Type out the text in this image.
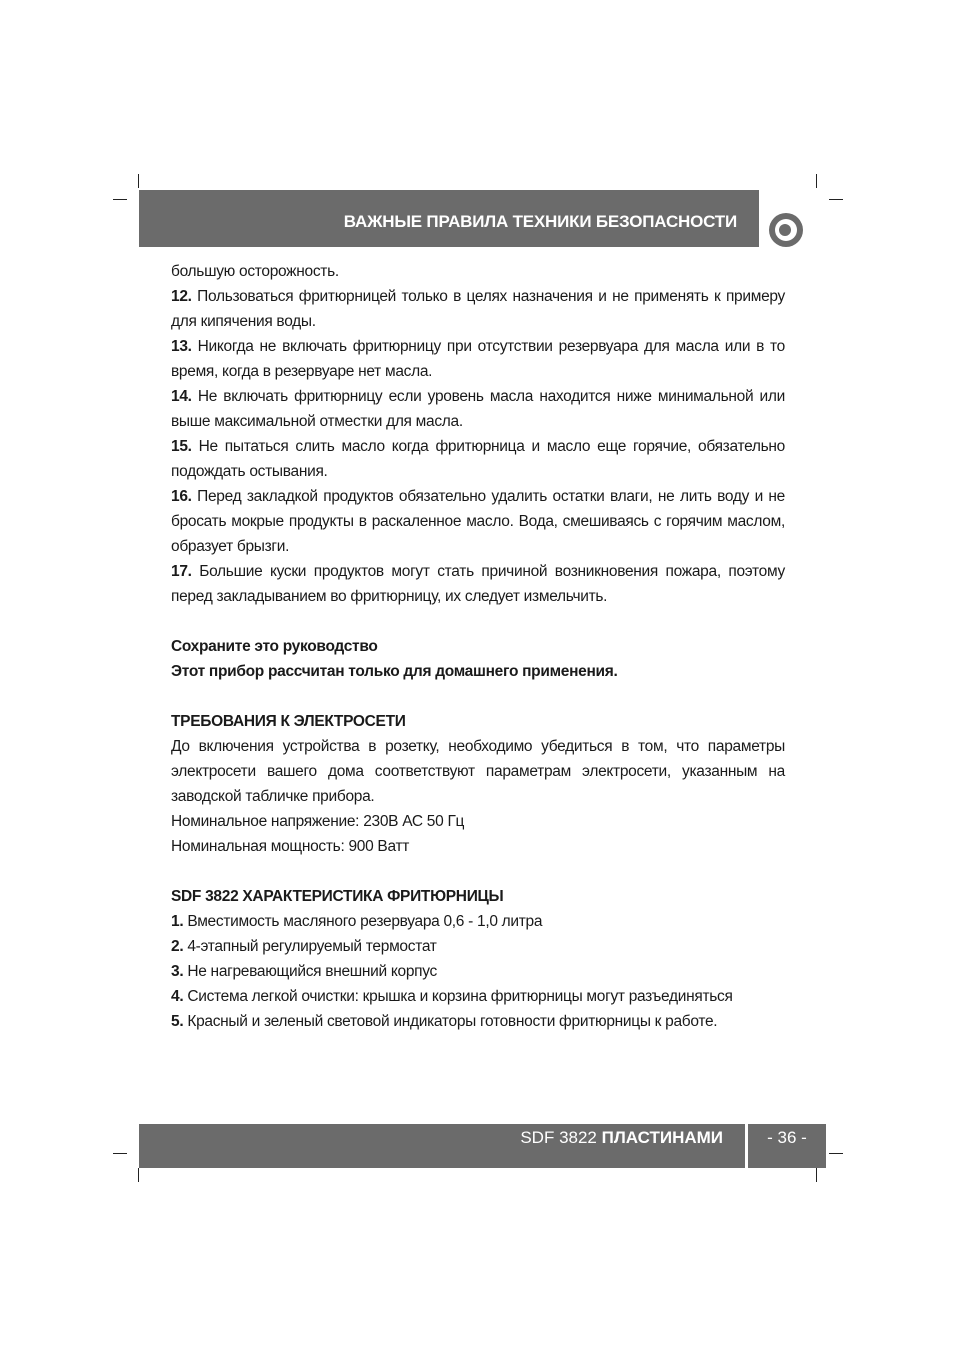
ВАЖНЫЕ ПРАВИЛА ТЕХНИКИ БЕЗОПАСНОСТИ

большую осторожность.

12. Пользоваться фритюрницей только в целях назначения и не применять к примеру для кипячения воды.

13. Никогда не включать фритюрницу при отсутствии резервуара для масла или в то время, когда в резервуаре нет масла.

14. Не включать фритюрницу если уровень масла находится ниже минимальной или выше максимальной отместки для масла.

15. Не пытаться слить масло когда фритюрница и масло еще горячие, обязательно подождать остывания.

16. Перед закладкой продуктов обязательно удалить остатки влаги, не лить воду и не бросать мокрые продукты в раскаленное масло. Вода, смешиваясь с горячим маслом, образует брызги.

17. Большие куски продуктов могут стать причиной возникновения пожара, поэтому перед закладыванием во фритюрницу, их следует измельчить.

Сохраните это руководство

Этот прибор рассчитан только для домашнего применения.

ТРЕБОВАНИЯ К ЭЛЕКТРОСЕТИ

До включения устройства в розетку, необходимо убедиться в том, что параметры электросети вашего дома соответствуют параметрам электросети, указанным на заводской табличке прибора.

Номинальное напряжение: 230В АС 50 Гц

Номинальная мощность: 900 Ватт

SDF 3822 ХАРАКТЕРИСТИКА ФРИТЮРНИЦЫ

1. Вместимость масляного резервуара 0,6 - 1,0 литра

2. 4-этапный регулируемый термостат

3. Не нагревающийся внешний корпус

4. Система легкой очистки: крышка и корзина фритюрницы могут разъединяться

5. Красный и зеленый световой индикаторы готовности фритюрницы к работе.

SDF 3822 ПЛАСТИНАМИ	- 36 -
